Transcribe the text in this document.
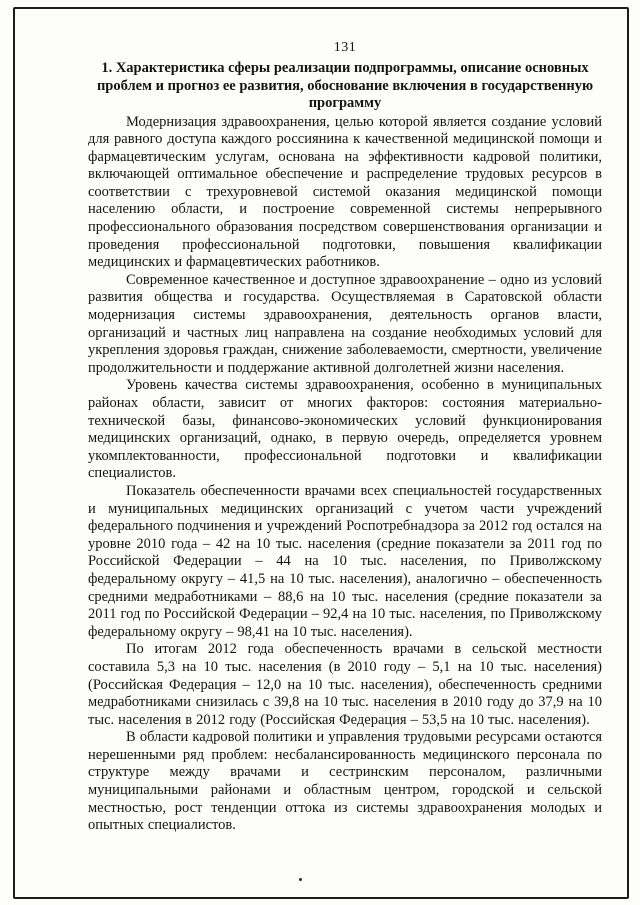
131
1. Характеристика сферы реализации подпрограммы, описание основных проблем и прогноз ее развития, обоснование включения в государственную программу

Модернизация здравоохранения, целью которой является создание условий для равного доступа каждого россиянина к качественной медицинской помощи и фармацевтическим услугам, основана на эффективности кадровой политики, включающей оптимальное обеспечение и распределение трудовых ресурсов в соответствии с трехуровневой системой оказания медицинской помощи населению области, и построение современной системы непрерывного профессионального образования посредством совершенствования организации и проведения профессиональной подготовки, повышения квалификации медицинских и фармацевтических работников.

Современное качественное и доступное здравоохранение – одно из условий развития общества и государства. Осуществляемая в Саратовской области модернизация системы здравоохранения, деятельность органов власти, организаций и частных лиц направлена на создание необходимых условий для укрепления здоровья граждан, снижение заболеваемости, смертности, увеличение продолжительности и поддержание активной долголетней жизни населения.

Уровень качества системы здравоохранения, особенно в муниципальных районах области, зависит от многих факторов: состояния материально-технической базы, финансово-экономических условий функционирования медицинских организаций, однако, в первую очередь, определяется уровнем укомплектованности, профессиональной подготовки и квалификации специалистов.

Показатель обеспеченности врачами всех специальностей государственных и муниципальных медицинских организаций с учетом части учреждений федерального подчинения и учреждений Роспотребнадзора за 2012 год остался на уровне 2010 года – 42 на 10 тыс. населения (средние показатели за 2011 год по Российской Федерации – 44 на 10 тыс. населения, по Приволжскому федеральному округу – 41,5 на 10 тыс. населения), аналогично – обеспеченность средними медработниками – 88,6 на 10 тыс. населения (средние показатели за 2011 год по Российской Федерации – 92,4 на 10 тыс. населения, по Приволжскому федеральному округу – 98,41 на 10 тыс. населения).

По итогам 2012 года обеспеченность врачами в сельской местности составила 5,3 на 10 тыс. населения (в 2010 году – 5,1 на 10 тыс. населения) (Российская Федерация – 12,0 на 10 тыс. населения), обеспеченность средними медработниками снизилась с 39,8 на 10 тыс. населения в 2010 году до 37,9 на 10 тыс. населения в 2012 году (Российская Федерация – 53,5 на 10 тыс. населения).

В области кадровой политики и управления трудовыми ресурсами остаются нерешенными ряд проблем: несбалансированность медицинского персонала по структуре между врачами и сестринским персоналом, различными муниципальными районами и областным центром, городской и сельской местностью, рост тенденции оттока из системы здравоохранения молодых и опытных специалистов.
